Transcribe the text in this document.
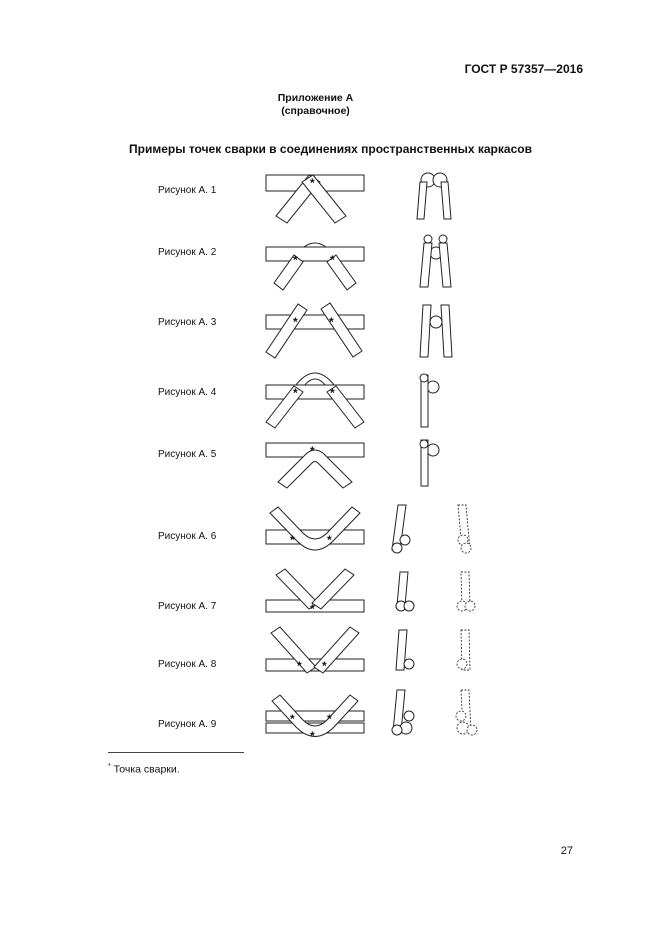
ГОСТ Р 57357—2016
Приложение А
(справочное)
Примеры точек сварки в соединениях пространственных каркасов
Рисунок А. 1
Рисунок А. 2
Рисунок А. 3
Рисунок А. 4
Рисунок А. 5
Рисунок А. 6
Рисунок А. 7
Рисунок А. 8
Рисунок А. 9
*
*	*
*	*
*	*
*
*	*
*
* *
*	*
*
* Точка сварки.
27
